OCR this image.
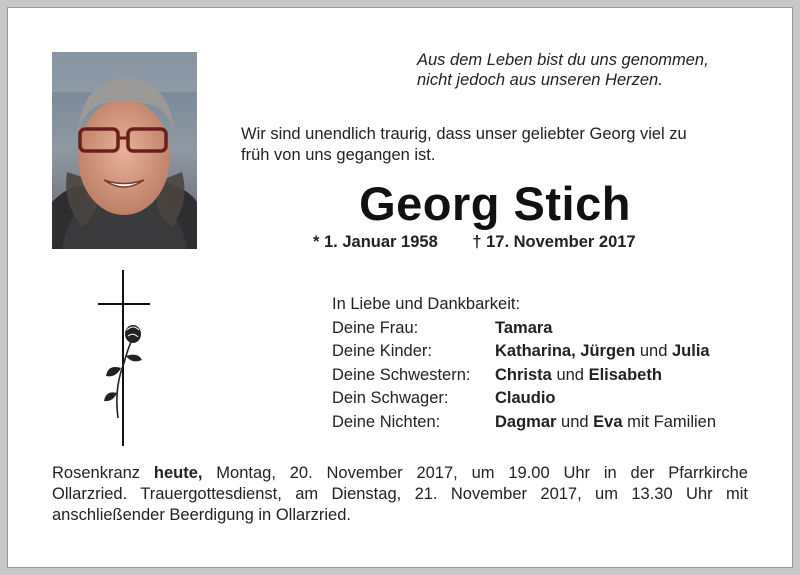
Aus dem Leben bist du uns genommen,
nicht jedoch aus unseren Herzen.
Wir sind unendlich traurig, dass unser geliebter Georg viel zu
früh von uns gegangen ist.
Georg Stich
* 1. Januar 1958 † 17. November 2017
In Liebe und Dankbarkeit:
Deine Frau:	Tamara
Deine Kinder:	Katharina, Jürgen und Julia
Deine Schwestern:	Christa und Elisabeth
Dein Schwager:	Claudio
Deine Nichten:	Dagmar und Eva mit Familien
Rosenkranz heute, Montag, 20. November 2017, um 19.00 Uhr in der Pfarrkirche
Ollarzried. Trauergottesdienst, am Dienstag, 21. November 2017, um 13.30 Uhr mit
anschließender Beerdigung in Ollarzried.
